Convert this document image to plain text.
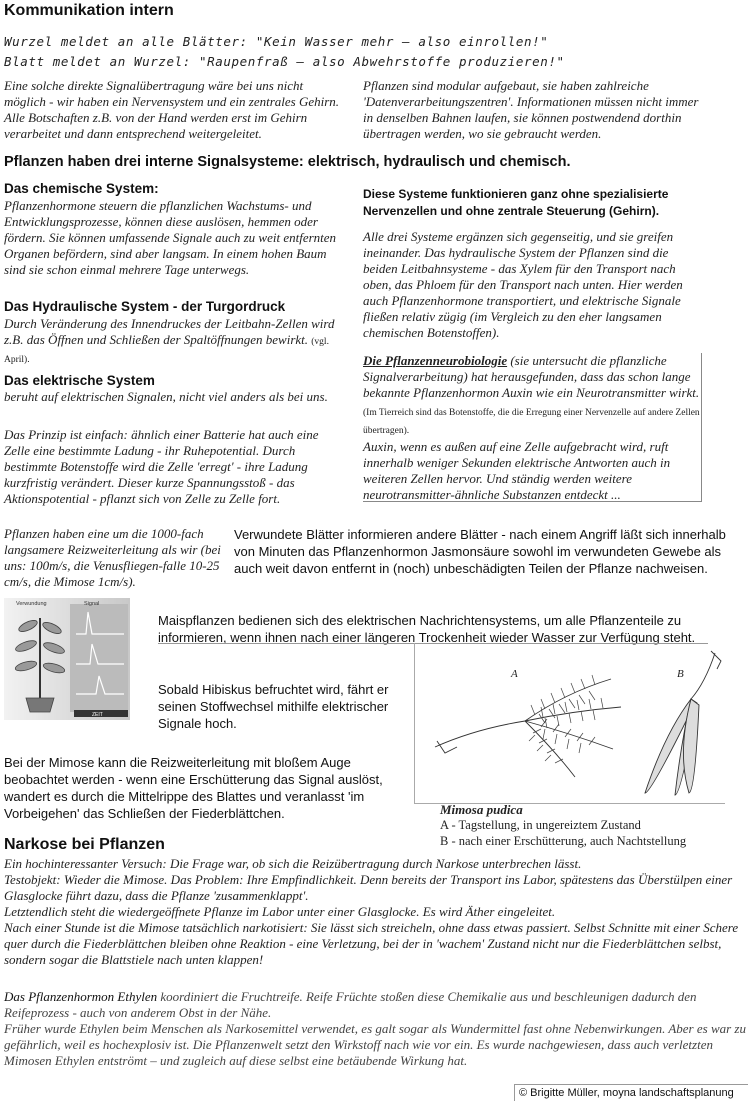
Kommunikation intern
Wurzel meldet an alle Blätter: "Kein Wasser mehr – also einrollen!"
Blatt meldet an Wurzel: "Raupenfraß – also Abwehrstoffe produzieren!"
Eine solche direkte Signalübertragung wäre bei uns nicht möglich - wir haben ein Nervensystem und ein zentrales Gehirn. Alle Botschaften z.B. von der Hand werden erst im Gehirn verarbeitet und dann entsprechend weitergeleitet.
Pflanzen sind modular aufgebaut, sie haben zahlreiche 'Datenverarbeitungszentren'. Informationen müssen nicht immer in denselben Bahnen laufen, sie können postwendend dorthin übertragen werden, wo sie gebraucht werden.
Pflanzen haben drei interne Signalsysteme: elektrisch, hydraulisch und chemisch.
Das chemische System:
Pflanzenhormone steuern die pflanzlichen Wachstums- und Entwicklungsprozesse, können diese auslösen, hemmen oder fördern. Sie können umfassende Signale auch zu weit entfernten Organen befördern, sind aber langsam. In einem hohen Baum sind sie schon einmal mehrere Tage unterwegs.
Das Hydraulische System - der Turgordruck
Durch Veränderung des Innendruckes der Leitbahn-Zellen wird z.B. das Öffnen und Schließen der Spaltöffnungen bewirkt. (vgl. April).
Das elektrische System
beruht auf elektrischen Signalen, nicht viel anders als bei uns.
Das Prinzip ist einfach: ähnlich einer Batterie hat auch eine Zelle eine bestimmte Ladung - ihr Ruhepotential. Durch bestimmte Botenstoffe wird die Zelle 'erregt' - ihre Ladung kurzfristig verändert. Dieser kurze Spannungsstoß - das Aktionspotential - pflanzt sich von Zelle zu Zelle fort.
Diese Systeme funktionieren ganz ohne spezialisierte Nervenzellen und ohne zentrale Steuerung (Gehirn).
Alle drei Systeme ergänzen sich gegenseitig, und sie greifen ineinander. Das hydraulische System der Pflanzen sind die beiden Leitbahnsysteme - das Xylem für den Transport nach oben, das Phloem für den Transport nach unten. Hier werden auch Pflanzenhormone transportiert, und elektrische Signale fließen relativ zügig (im Vergleich zu den eher langsamen chemischen Botenstoffen).
Die Pflanzenneurobiologie (sie untersucht die pflanzliche Signalverarbeitung) hat herausgefunden, dass das schon lange bekannte Pflanzenhormon Auxin wie ein Neurotransmitter wirkt. (Im Tierreich sind das Botenstoffe, die die Erregung einer Nervenzelle auf andere Zellen übertragen).
Auxin, wenn es außen auf eine Zelle aufgebracht wird, ruft innerhalb weniger Sekunden elektrische Antworten auch in weiteren Zellen hervor. Und ständig werden weitere neurotransmitter-ähnliche Substanzen entdeckt ...
Pflanzen haben eine um die 1000-fach langsamere Reizweiterleitung als wir (bei uns: 100m/s, die Venusfliegen-falle 10-25 cm/s, die Mimose 1cm/s).
Verwundete Blätter informieren andere Blätter - nach einem Angriff läßt sich innerhalb von Minuten das Pflanzenhormon Jasmonsäure sowohl im verwundeten Gewebe als auch weit davon entfernt in (noch) unbeschädigten Teilen der Pflanze nachweisen.
Verwundung	Signal
ZEIT
Maispflanzen bedienen sich des elektrischen Nachrichtensystems, um alle Pflanzenteile zu informieren, wenn ihnen nach einer längeren Trockenheit wieder Wasser zur Verfügung steht.
Sobald Hibiskus befruchtet wird, fährt er seinen Stoffwechsel mithilfe elektrischer Signale hoch.
A	B
Mimosa pudica
A - Tagstellung, in ungereiztem Zustand
B - nach einer Erschütterung, auch Nachtstellung
Bei der Mimose kann die Reizweiterleitung mit bloßem Auge beobachtet werden - wenn eine Erschütterung das Signal auslöst, wandert es durch die Mittelrippe des Blattes und veranlasst 'im Vorbeigehen' das Schließen der Fiederblättchen.
Narkose bei Pflanzen
Ein hochinteressanter Versuch: Die Frage war, ob sich die Reizübertragung durch Narkose unterbrechen lässt.
Testobjekt: Wieder die Mimose. Das Problem: Ihre Empfindlichkeit. Denn bereits der Transport ins Labor, spätestens das Überstülpen einer Glasglocke führt dazu, dass die Pflanze 'zusammenklappt'.
Letztendlich steht die wiedergeöffnete Pflanze im Labor unter einer Glasglocke. Es wird Äther eingeleitet.
Nach einer Stunde ist die Mimose tatsächlich narkotisiert: Sie lässt sich streicheln, ohne dass etwas passiert. Selbst Schnitte mit einer Schere quer durch die Fiederblättchen bleiben ohne Reaktion - eine Verletzung, bei der in 'wachem' Zustand nicht nur die Fiederblättchen selbst, sondern sogar die Blattstiele nach unten klappen!
Das Pflanzenhormon Ethylen koordiniert die Fruchtreife. Reife Früchte stoßen diese Chemikalie aus und beschleunigen dadurch den Reifeprozess - auch von anderem Obst in der Nähe.
Früher wurde Ethylen beim Menschen als Narkosemittel verwendet, es galt sogar als Wundermittel fast ohne Nebenwirkungen. Aber es war zu gefährlich, weil es hochexplosiv ist. Die Pflanzenwelt setzt den Wirkstoff nach wie vor ein. Es wurde nachgewiesen, dass auch verletzten Mimosen Ethylen entströmt – und zugleich auf diese selbst eine betäubende Wirkung hat.
© Brigitte Müller, moyna landschaftsplanung
